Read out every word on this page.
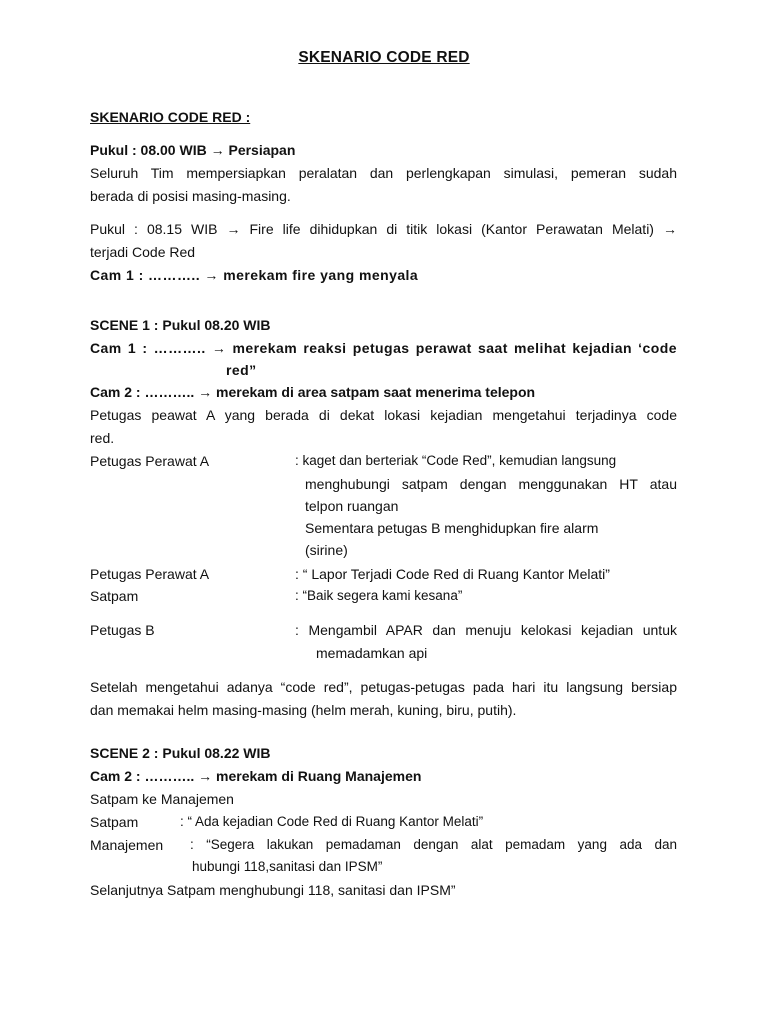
SKENARIO CODE RED
SKENARIO CODE RED :
Pukul : 08.00 WIB → Persiapan
Seluruh Tim mempersiapkan peralatan dan perlengkapan simulasi, pemeran sudah
berada di posisi masing-masing.
Pukul : 08.15 WIB → Fire life dihidupkan di titik lokasi (Kantor Perawatan Melati) →
terjadi Code Red
Cam 1 : ……….. → merekam fire yang menyala
SCENE 1 : Pukul 08.20 WIB
Cam 1 : ……….. → merekam reaksi petugas perawat saat melihat kejadian ‘code
red”
Cam 2 : ……….. → merekam di area satpam saat menerima telepon
Petugas peawat A yang berada di dekat lokasi kejadian mengetahui terjadinya code
red.
Petugas Perawat A	: kaget dan berteriak “Code Red”, kemudian langsung
menghubungi satpam dengan menggunakan HT atau
telpon ruangan
Sementara petugas B menghidupkan fire alarm
(sirine)
Petugas Perawat A	: “ Lapor Terjadi Code Red di Ruang Kantor Melati”
Satpam	: “Baik segera kami kesana”
Petugas B	: Mengambil APAR dan menuju kelokasi kejadian untuk
memadamkan api
Setelah mengetahui adanya “code red”, petugas-petugas pada hari itu langsung bersiap
dan memakai helm masing-masing (helm merah, kuning, biru, putih).
SCENE 2 : Pukul 08.22 WIB
Cam 2 : ……….. → merekam di Ruang Manajemen
Satpam ke Manajemen
Satpam	: “ Ada kejadian Code Red di Ruang Kantor Melati”
Manajemen : “Segera lakukan pemadaman dengan alat pemadam yang ada dan
hubungi 118,sanitasi dan IPSM”
Selanjutnya Satpam menghubungi 118, sanitasi dan IPSM”
